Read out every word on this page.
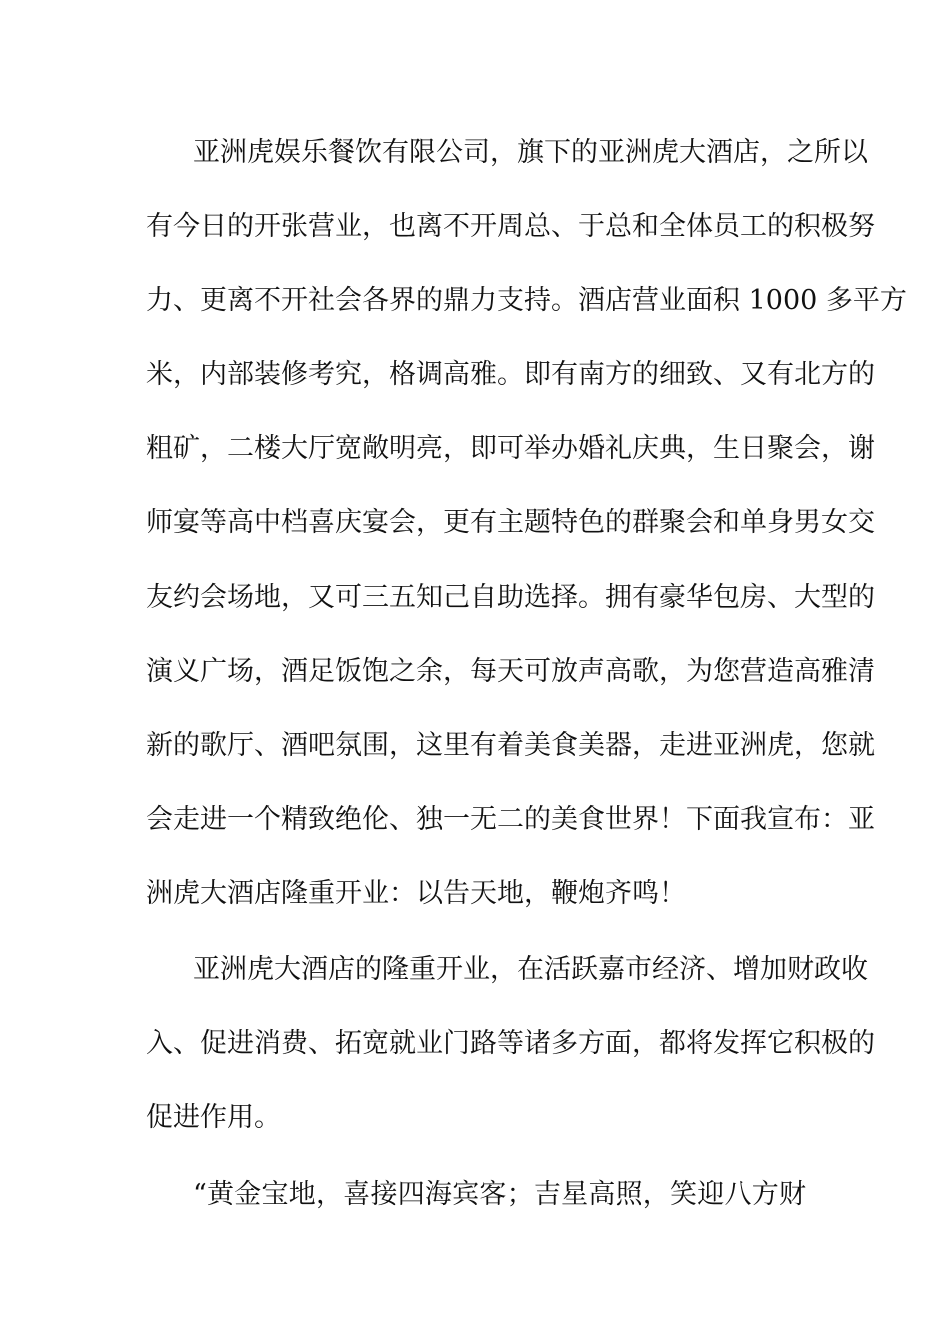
亚洲虎娱乐餐饮有限公司，旗下的亚洲虎大酒店，之所以
有今日的开张营业，也离不开周总、于总和全体员工的积极努
力、更离不开社会各界的鼎力支持。酒店营业面积 1000 多平方
米，内部装修考究，格调高雅。即有南方的细致、又有北方的
粗矿，二楼大厅宽敞明亮，即可举办婚礼庆典，生日聚会，谢
师宴等高中档喜庆宴会，更有主题特色的群聚会和单身男女交
友约会场地，又可三五知己自助选择。拥有豪华包房、大型的
演义广场，酒足饭饱之余，每天可放声高歌，为您营造高雅清
新的歌厅、酒吧氛围，这里有着美食美器，走进亚洲虎，您就
会走进一个精致绝伦、独一无二的美食世界！下面我宣布：亚
洲虎大酒店隆重开业：以告天地，鞭炮齐鸣！
亚洲虎大酒店的隆重开业，在活跃嘉市经济、增加财政收
入、促进消费、拓宽就业门路等诸多方面，都将发挥它积极的
促进作用。
“黄金宝地，喜接四海宾客；吉星高照，笑迎八方财
